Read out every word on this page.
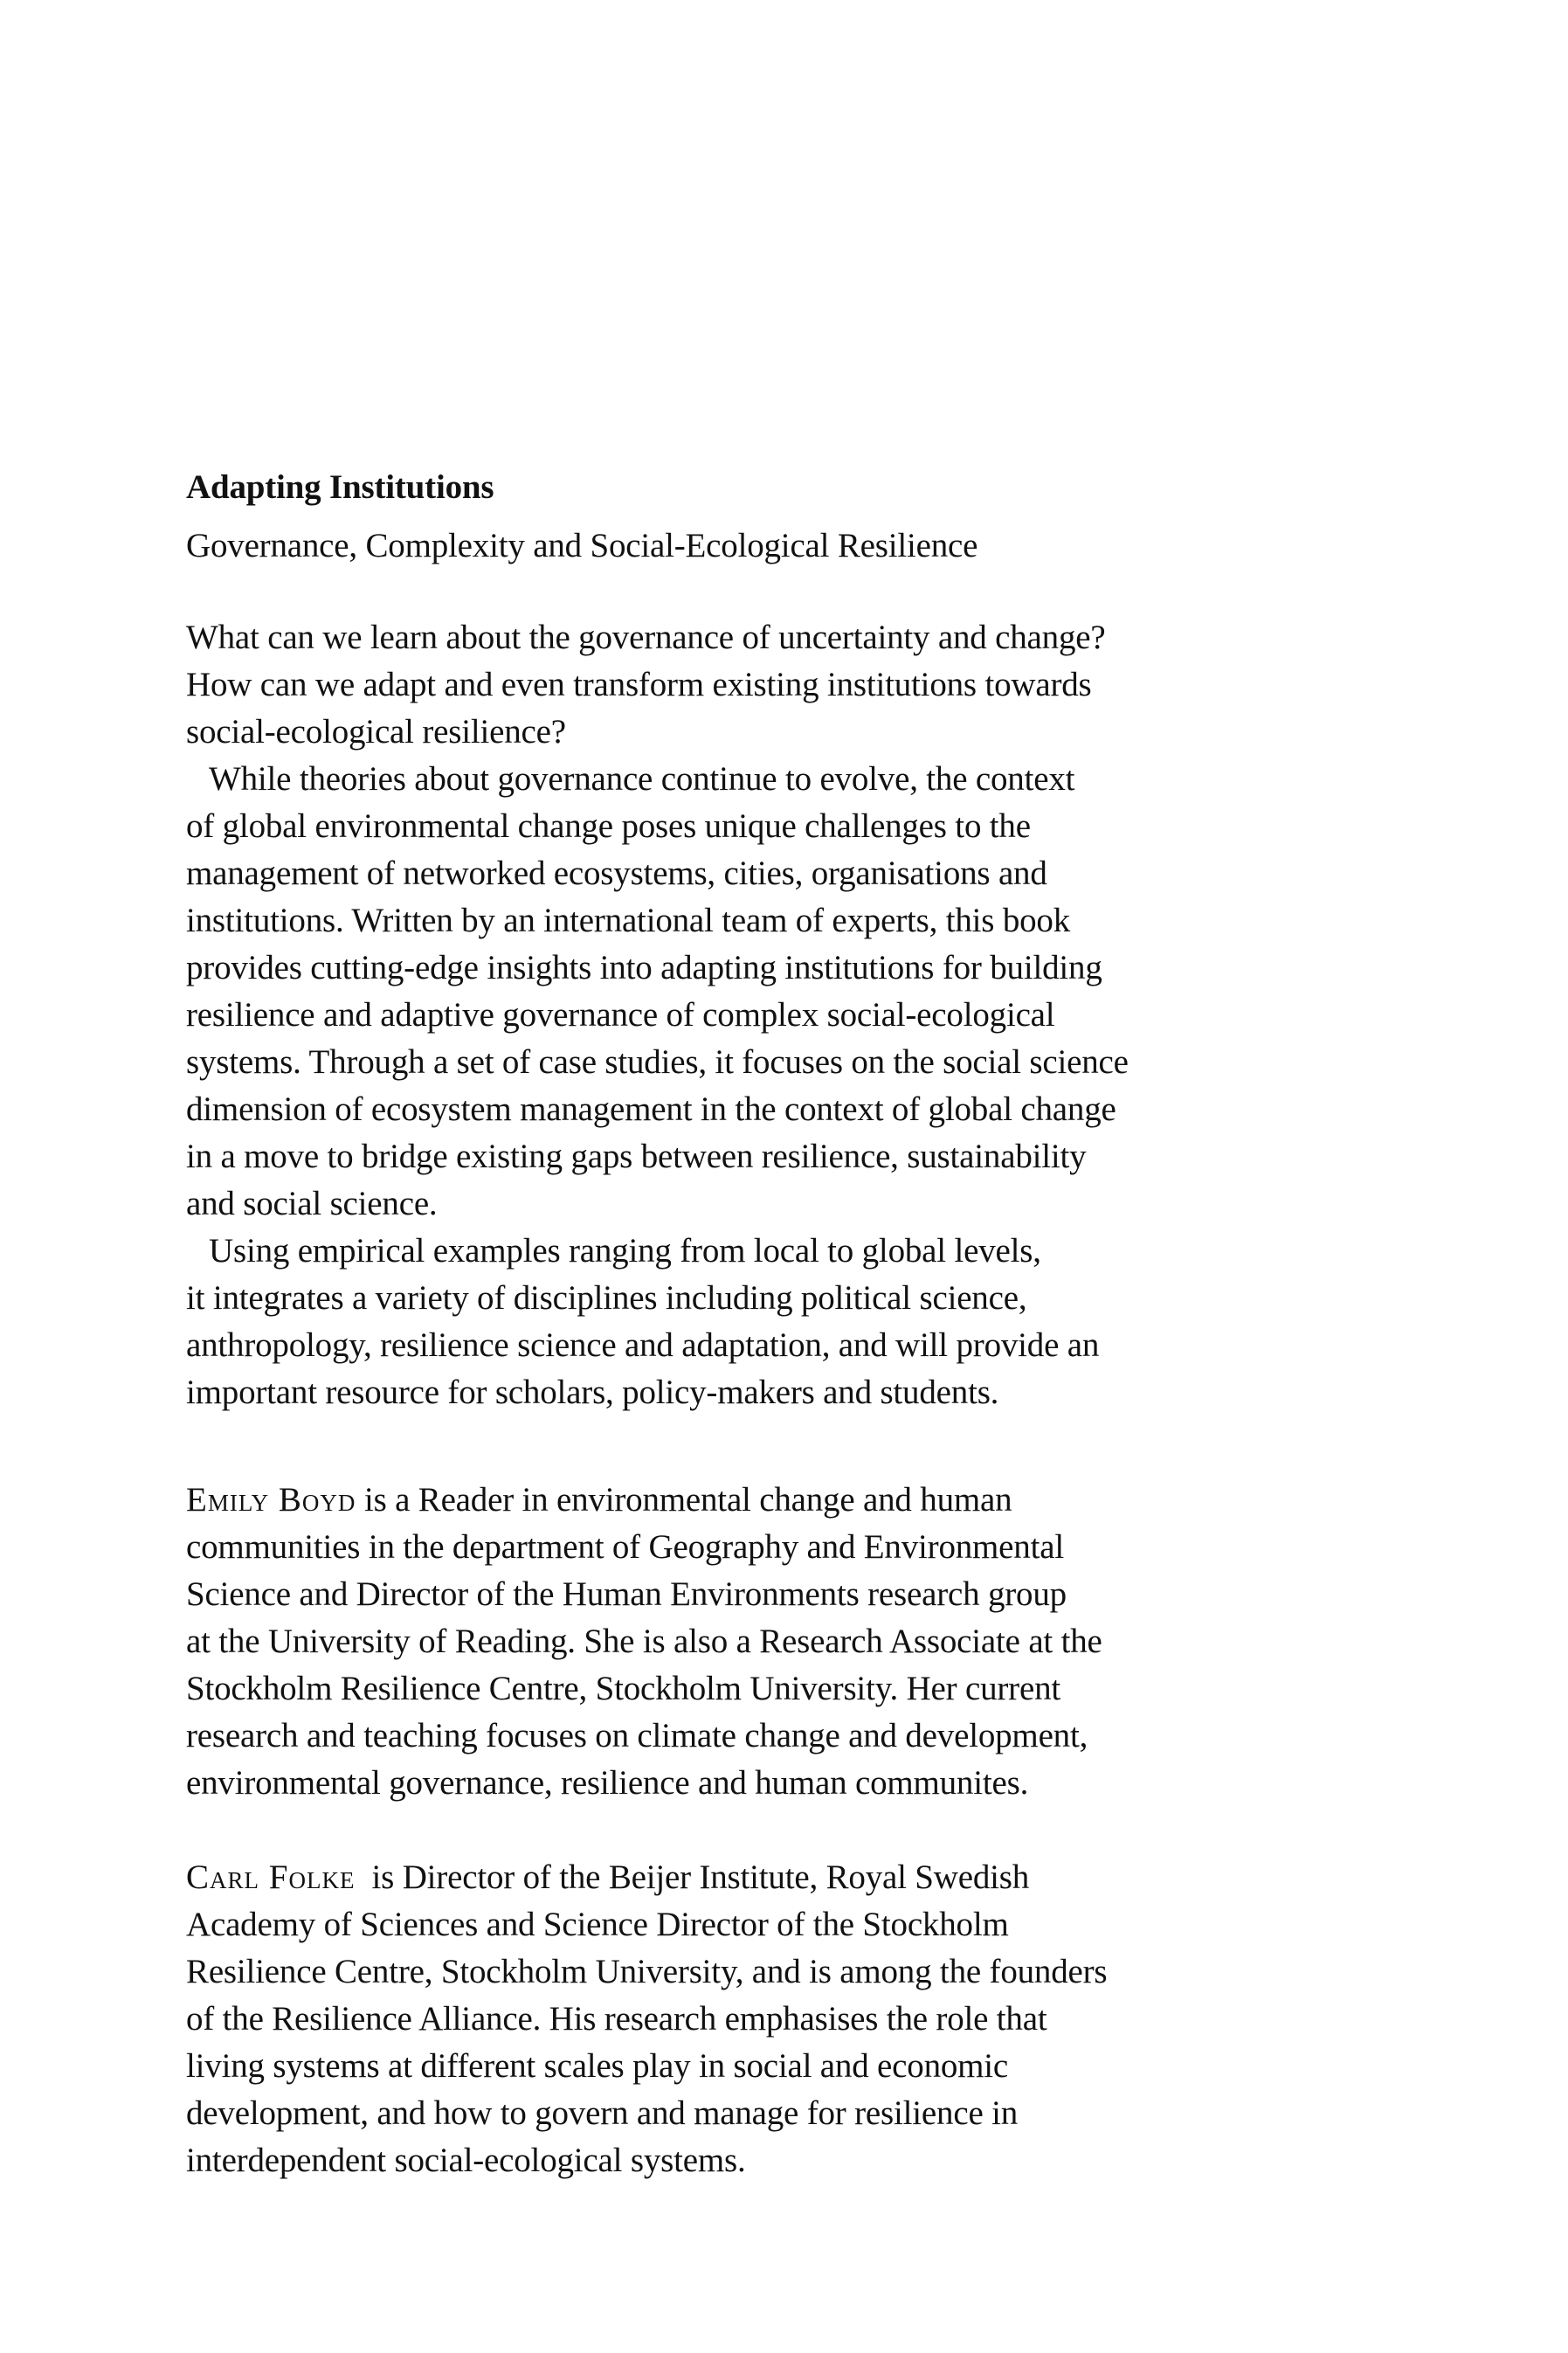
Adapting Institutions
Governance, Complexity and Social-Ecological Resilience
What can we learn about the governance of uncertainty and change?
How can we adapt and even transform existing institutions towards
social-ecological resilience?
While theories about governance continue to evolve, the context
of global environmental change poses unique challenges to the
management of networked ecosystems, cities, organisations and
institutions. Written by an international team of experts, this book
provides cutting-edge insights into adapting institutions for building
resilience and adaptive governance of complex social-ecological
systems. Through a set of case studies, it focuses on the social science
dimension of ecosystem management in the context of global change
in a move to bridge existing gaps between resilience, sustainability
and social science.
Using empirical examples ranging from local to global levels,
it integrates a variety of disciplines including political science,
anthropology, resilience science and adaptation, and will provide an
important resource for scholars, policy-makers and students.
Emily Boyd is a Reader in environmental change and human
communities in the department of Geography and Environmental
Science and Director of the Human Environments research group
at the University of Reading. She is also a Research Associate at the
Stockholm Resilience Centre, Stockholm University. Her current
research and teaching focuses on climate change and development,
environmental governance, resilience and human communites.
Carl Folke is Director of the Beijer Institute, Royal Swedish
Academy of Sciences and Science Director of the Stockholm
Resilience Centre, Stockholm University, and is among the founders
of the Resilience Alliance. His research emphasises the role that
living systems at different scales play in social and economic
development, and how to govern and manage for resilience in
interdependent social-ecological systems.
